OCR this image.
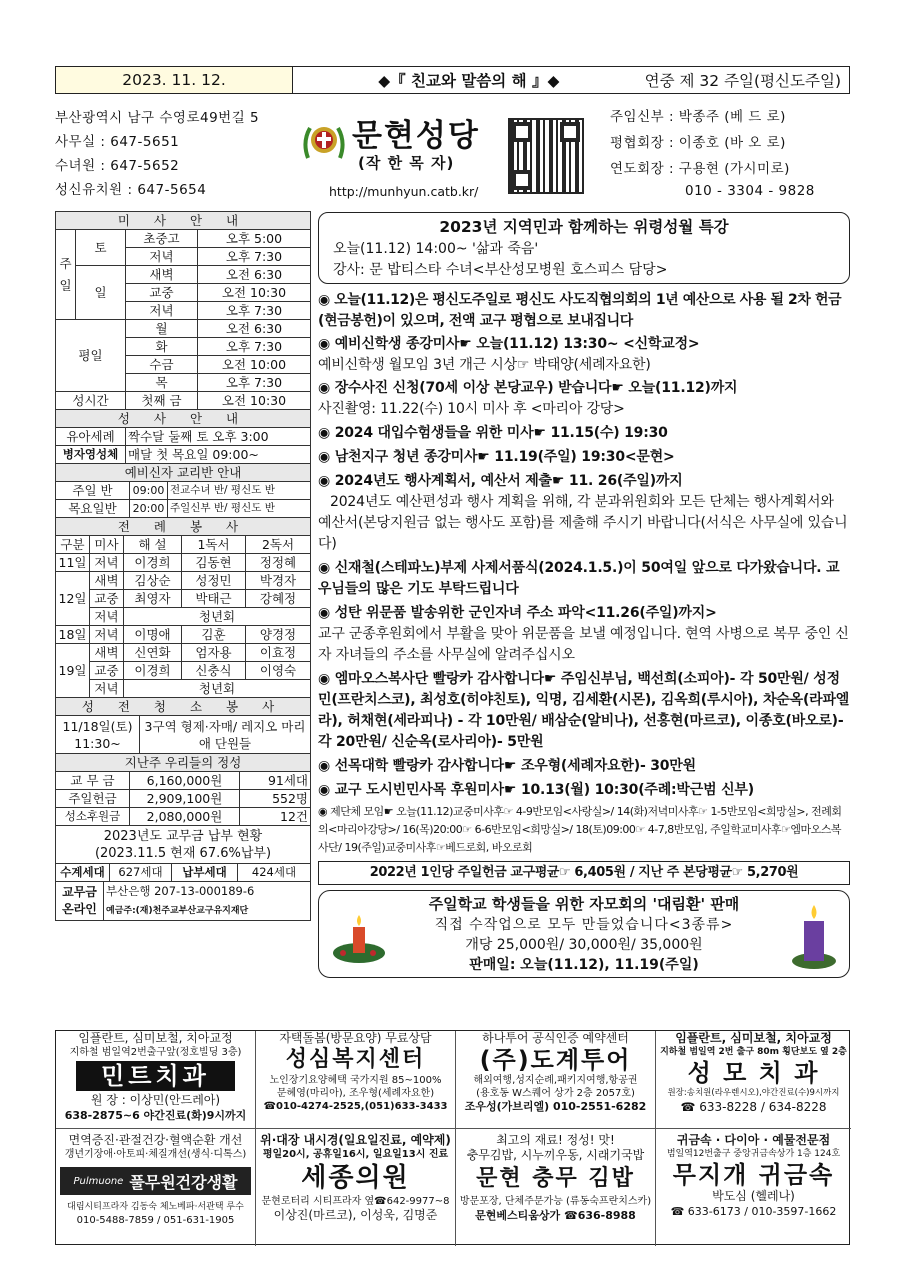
2023. 11. 12.	◆『 친교와 말씀의 해 』◆	연중 제 32 주일(평신도주일)
부산광역시 남구 수영로49번길 5
사무실 : 647-5651
수녀원 : 647-5652
성신유치원 : 647-5654
문현성당
(작 한 목 자)
http://munhyun.catb.kr/
주임신부 : 박종주 (베 드 로)
평협회장 : 이종호 (바 오 로)
연도회장 : 구용현 (가시미로)
010 - 3304 - 9828
미 사 안 내			
주일	토	초중고	오후 5:00
		저녁	오후 7:30
	일	새벽	오전 6:30
		교중	오전 10:30
		저녁	오후 7:30
평일		월	오전 6:30
		화	오후 7:30
		수금	오전 10:00
		목	오후 7:30
성시간		첫째 금	오전 10:30
성 사 안 내			
유아세례		짝수달 둘째 토 오후 3:00	
병자영성체		매달 첫 목요일 09:00~	
예비신자 교리반 안내			
주일 반	09:00	전교수녀 반/ 평신도 반
목요일반	20:00	주일신부 반/ 평신도 반
전 례 봉 사				
구분	미사	해 설	1독서	2독서
11일	저녁	이경희	김동현	정정혜
12일	새벽	김상순	성정민	박경자
	교중	최영자	박태근	강혜정
	저녁	청년회		
18일	저녁	이명애	김훈	양경정
19일	새벽	신연화	엄자용	이효정
	교중	이경희	신충식	이영숙
	저녁	청년회		
성 전 청 소 봉 사				
11/18일(토) 11:30~	3구역 형제·자매/ 레지오 마리애 단원들
지난주 우리들의 정성
교 무 금	6,160,000원	91세대
주일헌금	2,909,100원	552명
성소후원금	2,080,000원	12건
2023년도 교무금 납부 현황
(2023.11.5 현재 67.6%납부)		
수계세대	627세대	납부세대	424세대
교무금 온라인	부산은행 207-13-000189-6
예금주:(재)천주교부산교구유지재단
2023년 지역민과 함께하는 위령성월 특강
오늘(11.12) 14:00~ '삶과 죽음'
강사: 문 밥티스타 수녀<부산성모병원 호스피스 담당>

◉ 오늘(11.12)은 평신도주일로 평신도 사도직협의회의 1년 예산으로 사용 될 2차 헌금(현금봉헌)이 있으며, 전액 교구 평협으로 보내집니다

◉ 예비신학생 종강미사☛ 오늘(11.12) 13:30~ <신학교정>

예비신학생 월모임 3년 개근 시상☞ 박태양(세례자요한)

◉ 장수사진 신청(70세 이상 본당교우) 받습니다☛ 오늘(11.12)까지

사진촬영: 11.22(수) 10시 미사 후 <마리아 강당>

◉ 2024 대입수험생들을 위한 미사☛ 11.15(수) 19:30

◉ 남천지구 청년 종강미사☛ 11.19(주일) 19:30<문현>

◉ 2024년도 행사계획서, 예산서 제출☛ 11. 26(주일)까지

2024년도 예산편성과 행사 계획을 위해, 각 분과위원회와 모든 단체는 행사계획서와 예산서(본당지원금 없는 행사도 포함)를 제출해 주시기 바랍니다(서식은 사무실에 있습니다)

◉ 신재철(스테파노)부제 사제서품식(2024.1.5.)이 50여일 앞으로 다가왔습니다. 교우님들의 많은 기도 부탁드립니다

◉ 성탄 위문품 발송위한 군인자녀 주소 파악<11.26(주일)까지>

교구 군종후원회에서 부활을 맞아 위문품을 보낼 예정입니다. 현역 사병으로 복무 중인 신자 자녀들의 주소를 사무실에 알려주십시오

◉ 엠마오스복사단 빨랑카 감사합니다☛ 주임신부님, 백선희(소피아)- 각 50만원/ 성정민(프란치스코), 최성호(히야친토), 익명, 김세환(시몬), 김옥희(루시아), 차순옥(라파엘라), 허채현(세라피나) - 각 10만원/ 배삼순(알비나), 선홍현(마르코), 이종호(바오로)- 각 20만원/ 신순옥(로사리아)- 5만원

◉ 선목대학 빨랑카 감사합니다☛ 조우형(세례자요한)- 30만원

◉ 교구 도시빈민사목 후원미사☛ 10.13(월) 10:30(주례:박근범 신부)

◉ 제단체 모임☛ 오늘(11.12)교중미사후☞ 4-9반모임<사랑실>/ 14(화)저녁미사후☞ 1-5반모임<희망실>, 전례회의<마리아강당>/ 16(목)20:00☞ 6-6반모임<희망실>/ 18(토)09:00☞ 4-7,8반모임, 주일학교미사후☞엠마오스복사단/ 19(주일)교중미사후☞베드로회, 바오로회

2022년 1인당 주일헌금 교구평균☞ 6,405원 / 지난 주 본당평균☞ 5,270원
주일학교 학생들을 위한 자모회의 '대림환' 판매
직접 수작업으로 모두 만들었습니다<3종류>
개당 25,000원/ 30,000원/ 35,000원
판매일: 오늘(11.12), 11.19(주일)
임플란트, 심미보철, 치아교정
지하철 범일역2번출구앞(정호빌딩 3층)
민트치과
원 장 : 이상민(안드레아)
638-2875~6 야간진료(화)9시까지
자택돌봄(방문요양) 무료상담
성심복지센터
노인장기요양혜택 국가지원 85~100%
문혜영(마리아), 조우형(세례자요한)
☎010-4274-2525,(051)633-3433
하나투어 공식인증 예약센터
(주)도계투어
해외여행,성지순례,패키지여행,항공권
(용호동 W스퀘어 상가 2층 2057호)
조우성(가브리엘) 010-2551-6282
임플란트, 심미보철, 치아교정
지하철 범일역 2번 출구 80m 횡단보도 옆 2층
성 모 치 과
원장:송치원(라우렌시오),야간진료(수)9시까지
☎ 633-8228 / 634-8228
면역증진·관절건강·혈액순환 개선
갱년기장애·아토피·체질개선(생식·디톡스)
Pulmuone 풀무원건강생활
대림시티프라자 김동숙 체노베파·서관택 루수
010-5488-7859 / 051-631-1905
위·대장 내시경(일요일진료, 예약제)
평일20시, 공휴일16시, 일요일13시 진료
세종의원
문현로터리 시티프라자 옆☎642-9977~8
이상진(마르코), 이성욱, 김명준
최고의 재료! 정성! 맛!
충무김밥, 시누끼우동, 시래기국밥
문현 충무 김밥
방문포장, 단체주문가능 (류동숙프란치스카)
문현베스티움상가 ☎636-8988
귀금속 · 다이아 · 예물전문점
범일역12번출구 중앙귀금속상가 1층 124호
무지개 귀금속
박도심 (헬레나)
☎ 633-6173 / 010-3597-1662
